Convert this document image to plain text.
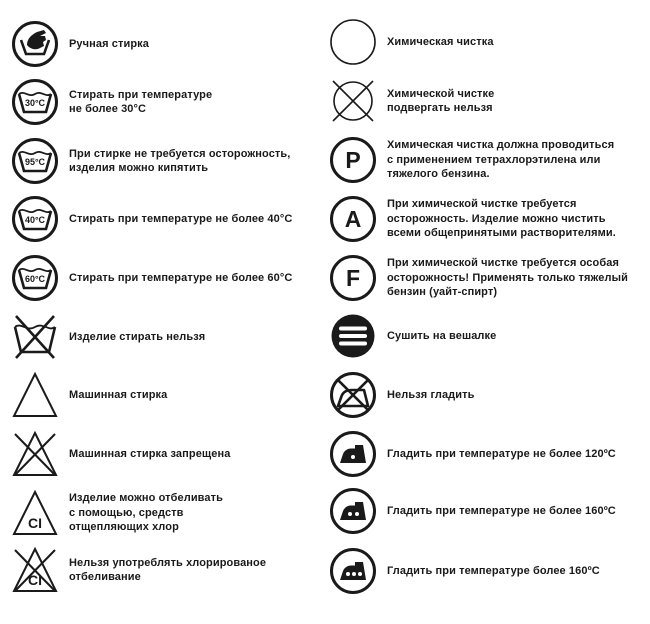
Ручная стирка
30°C
Стирать при температуре
не более 30°С
95°C
При стирке не требуется осторожность,
изделия можно кипятить
40°C Стирать при температуре не более 40°С
60°C Стирать при температуре не более 60°С
Изделие стирать нельзя
Машинная стирка
Машинная стирка запрещена
CI
Изделие можно отбеливать
с помощью, средств
отщепляющих хлор
CI
Нельзя употреблять хлорированое
отбеливание
Химическая чистка
Химической чистке
подвергать нельзя
P
Химическая чистка должна проводиться
с применением тетрахлорэтилена или
тяжелого бензина.
A
При химической чистке требуется
осторожность. Изделие можно чистить
всеми общепринятыми растворителями.
F
При химической чистке требуется особая
осторожность! Применять только тяжелый
бензин (уайт-спирт)
Сушить на вешалке
Нельзя гладить
Гладить при температуре не более 120ºС
Гладить при температуре не более 160ºС
Гладить при температуре более 160ºС
